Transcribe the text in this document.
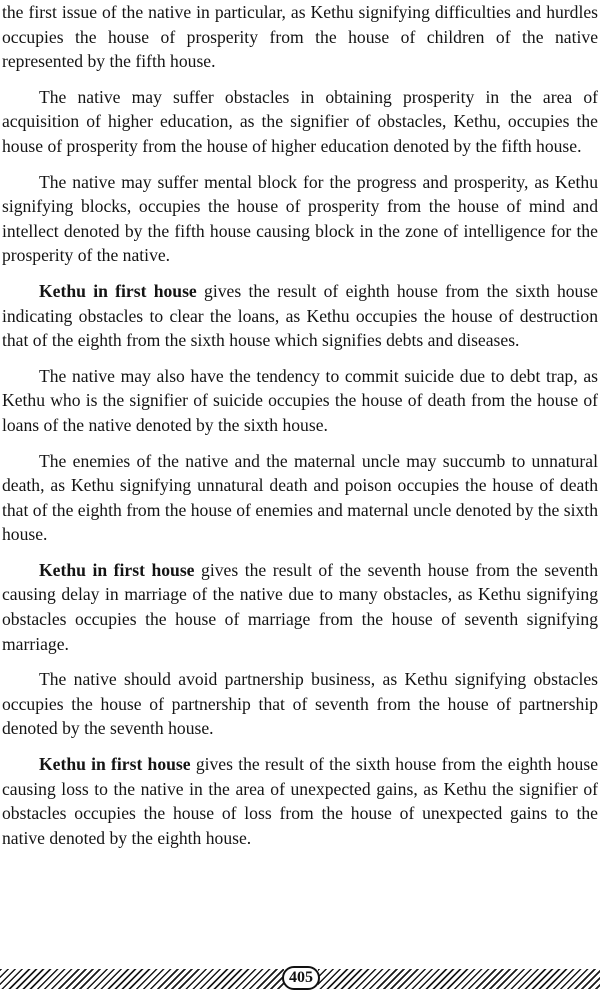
the first issue of the native in particular, as Kethu signifying difficulties and hurdles occupies the house of prosperity from the house of children of the native represented by the fifth house.

The native may suffer obstacles in obtaining prosperity in the area of acquisition of higher education, as the signifier of obstacles, Kethu, occupies the house of prosperity from the house of higher education denoted by the fifth house.

The native may suffer mental block for the progress and prosperity, as Kethu signifying blocks, occupies the house of prosperity from the house of mind and intellect denoted by the fifth house causing block in the zone of intelligence for the prosperity of the native.

Kethu in first house gives the result of eighth house from the sixth house indicating obstacles to clear the loans, as Kethu occupies the house of destruction that of the eighth from the sixth house which signifies debts and diseases.

The native may also have the tendency to commit suicide due to debt trap, as Kethu who is the signifier of suicide occupies the house of death from the house of loans of the native denoted by the sixth house.

The enemies of the native and the maternal uncle may succumb to unnatural death, as Kethu signifying unnatural death and poison occupies the house of death that of the eighth from the house of enemies and maternal uncle denoted by the sixth house.

Kethu in first house gives the result of the seventh house from the seventh causing delay in marriage of the native due to many obstacles, as Kethu signifying obstacles occupies the house of marriage from the house of seventh signifying marriage.

The native should avoid partnership business, as Kethu signifying obstacles occupies the house of partnership that of seventh from the house of partnership denoted by the seventh house.

Kethu in first house gives the result of the sixth house from the eighth house causing loss to the native in the area of unexpected gains, as Kethu the signifier of obstacles occupies the house of loss from the house of unexpected gains to the native denoted by the eighth house.

405
